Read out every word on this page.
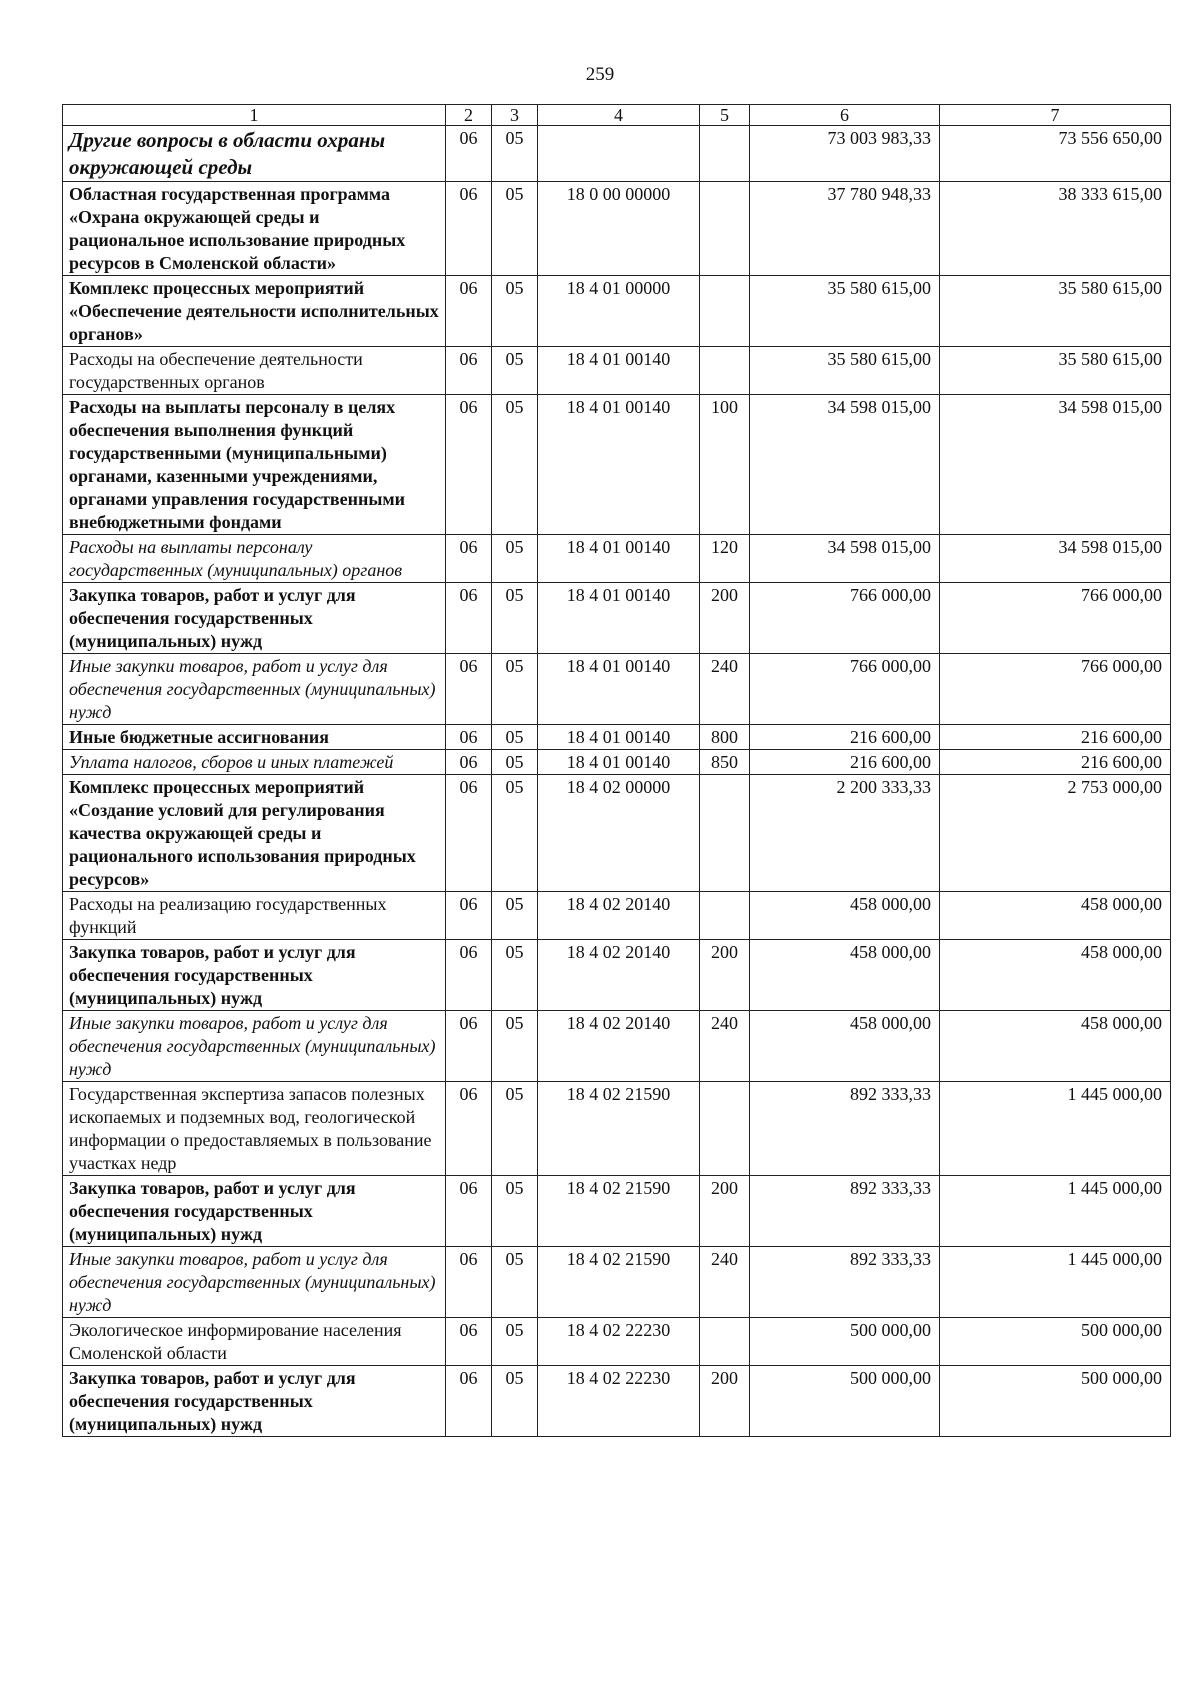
259
1	2	3	4	5	6	7
Другие вопросы в области охраны окружающей среды	06	05			73 003 983,33	73 556 650,00
Областная государственная программа «Охрана окружающей среды и рациональное использование природных ресурсов в Смоленской области»	06	05	18 0 00 00000		37 780 948,33	38 333 615,00
Комплекс процессных мероприятий «Обеспечение деятельности исполнительных органов»	06	05	18 4 01 00000		35 580 615,00	35 580 615,00
Расходы на обеспечение деятельности государственных органов	06	05	18 4 01 00140		35 580 615,00	35 580 615,00
Расходы на выплаты персоналу в целях обеспечения выполнения функций государственными (муниципальными) органами, казенными учреждениями, органами управления государственными внебюджетными фондами	06	05	18 4 01 00140	100	34 598 015,00	34 598 015,00
Расходы на выплаты персоналу государственных (муниципальных) органов	06	05	18 4 01 00140	120	34 598 015,00	34 598 015,00
Закупка товаров, работ и услуг для обеспечения государственных (муниципальных) нужд	06	05	18 4 01 00140	200	766 000,00	766 000,00
Иные закупки товаров, работ и услуг для обеспечения государственных (муниципальных) нужд	06	05	18 4 01 00140	240	766 000,00	766 000,00
Иные бюджетные ассигнования	06	05	18 4 01 00140	800	216 600,00	216 600,00
Уплата налогов, сборов и иных платежей	06	05	18 4 01 00140	850	216 600,00	216 600,00
Комплекс процессных мероприятий «Создание условий для регулирования качества окружающей среды и рационального использования природных ресурсов»	06	05	18 4 02 00000		2 200 333,33	2 753 000,00
Расходы на реализацию государственных функций	06	05	18 4 02 20140		458 000,00	458 000,00
Закупка товаров, работ и услуг для обеспечения государственных (муниципальных) нужд	06	05	18 4 02 20140	200	458 000,00	458 000,00
Иные закупки товаров, работ и услуг для обеспечения государственных (муниципальных) нужд	06	05	18 4 02 20140	240	458 000,00	458 000,00
Государственная экспертиза запасов полезных ископаемых и подземных вод, геологической информации о предоставляемых в пользование участках недр	06	05	18 4 02 21590		892 333,33	1 445 000,00
Закупка товаров, работ и услуг для обеспечения государственных (муниципальных) нужд	06	05	18 4 02 21590	200	892 333,33	1 445 000,00
Иные закупки товаров, работ и услуг для обеспечения государственных (муниципальных) нужд	06	05	18 4 02 21590	240	892 333,33	1 445 000,00
Экологическое информирование населения Смоленской области	06	05	18 4 02 22230		500 000,00	500 000,00
Закупка товаров, работ и услуг для обеспечения государственных (муниципальных) нужд	06	05	18 4 02 22230	200	500 000,00	500 000,00
